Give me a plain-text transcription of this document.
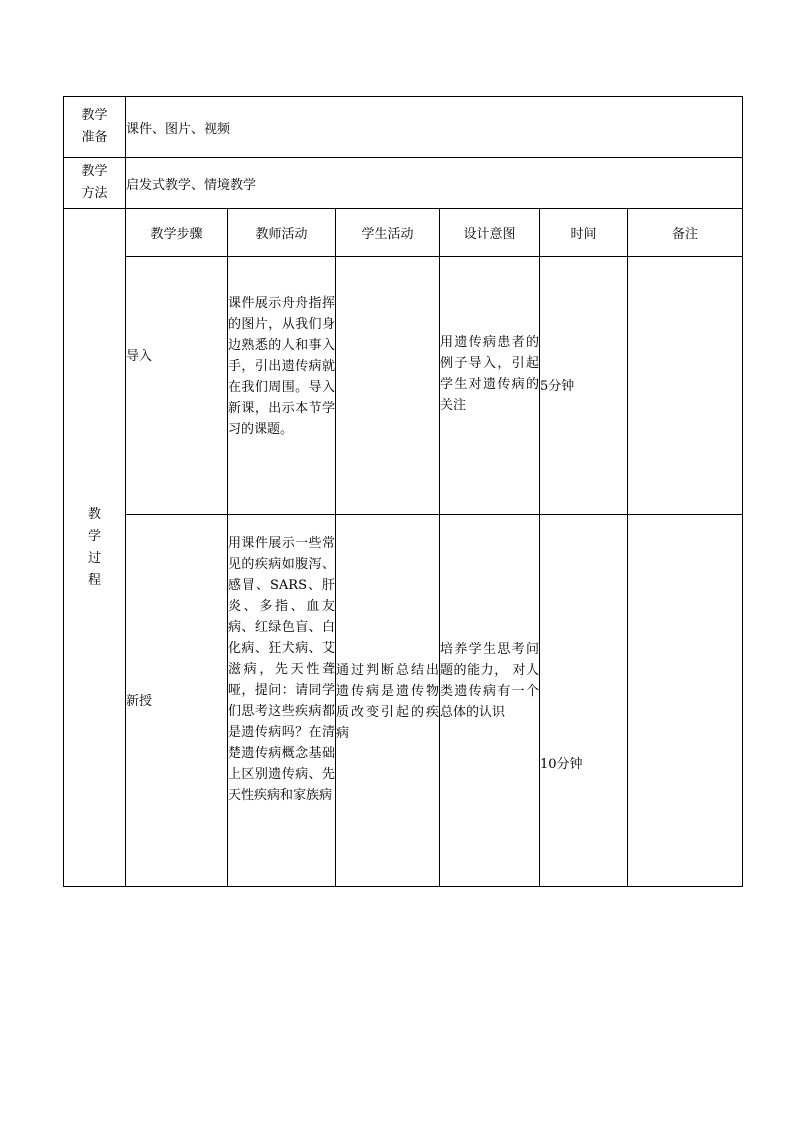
教学
准备	课件、图片、视频					

教学
方法	启发式教学、情境教学					

教
学
过
程	教学步骤	教师活动	学生活动	设计意图	时间	备注
	导入	课件展示舟舟指挥的图片，从我们身边熟悉的人和事入手，引出遗传病就在我们周围。导入新课，出示本节学习的课题。		用遗传病患者的例子导入，引起学生对遗传病的关注	5分钟	
	新授	用课件展示一些常见的疾病如腹泻、感冒、SARS、肝炎、多指、血友病、红绿色盲、白化病、狂犬病、艾滋病，先天性聋哑，提问：请同学们思考这些疾病都是遗传病吗？在清楚遗传病概念基础上区别遗传病、先天性疾病和家族病	通过判断总结出遗传病是遗传物质改变引起的疾病	培养学生思考问题的能力， 对人类遗传病有一个总体的认识	10分钟	
